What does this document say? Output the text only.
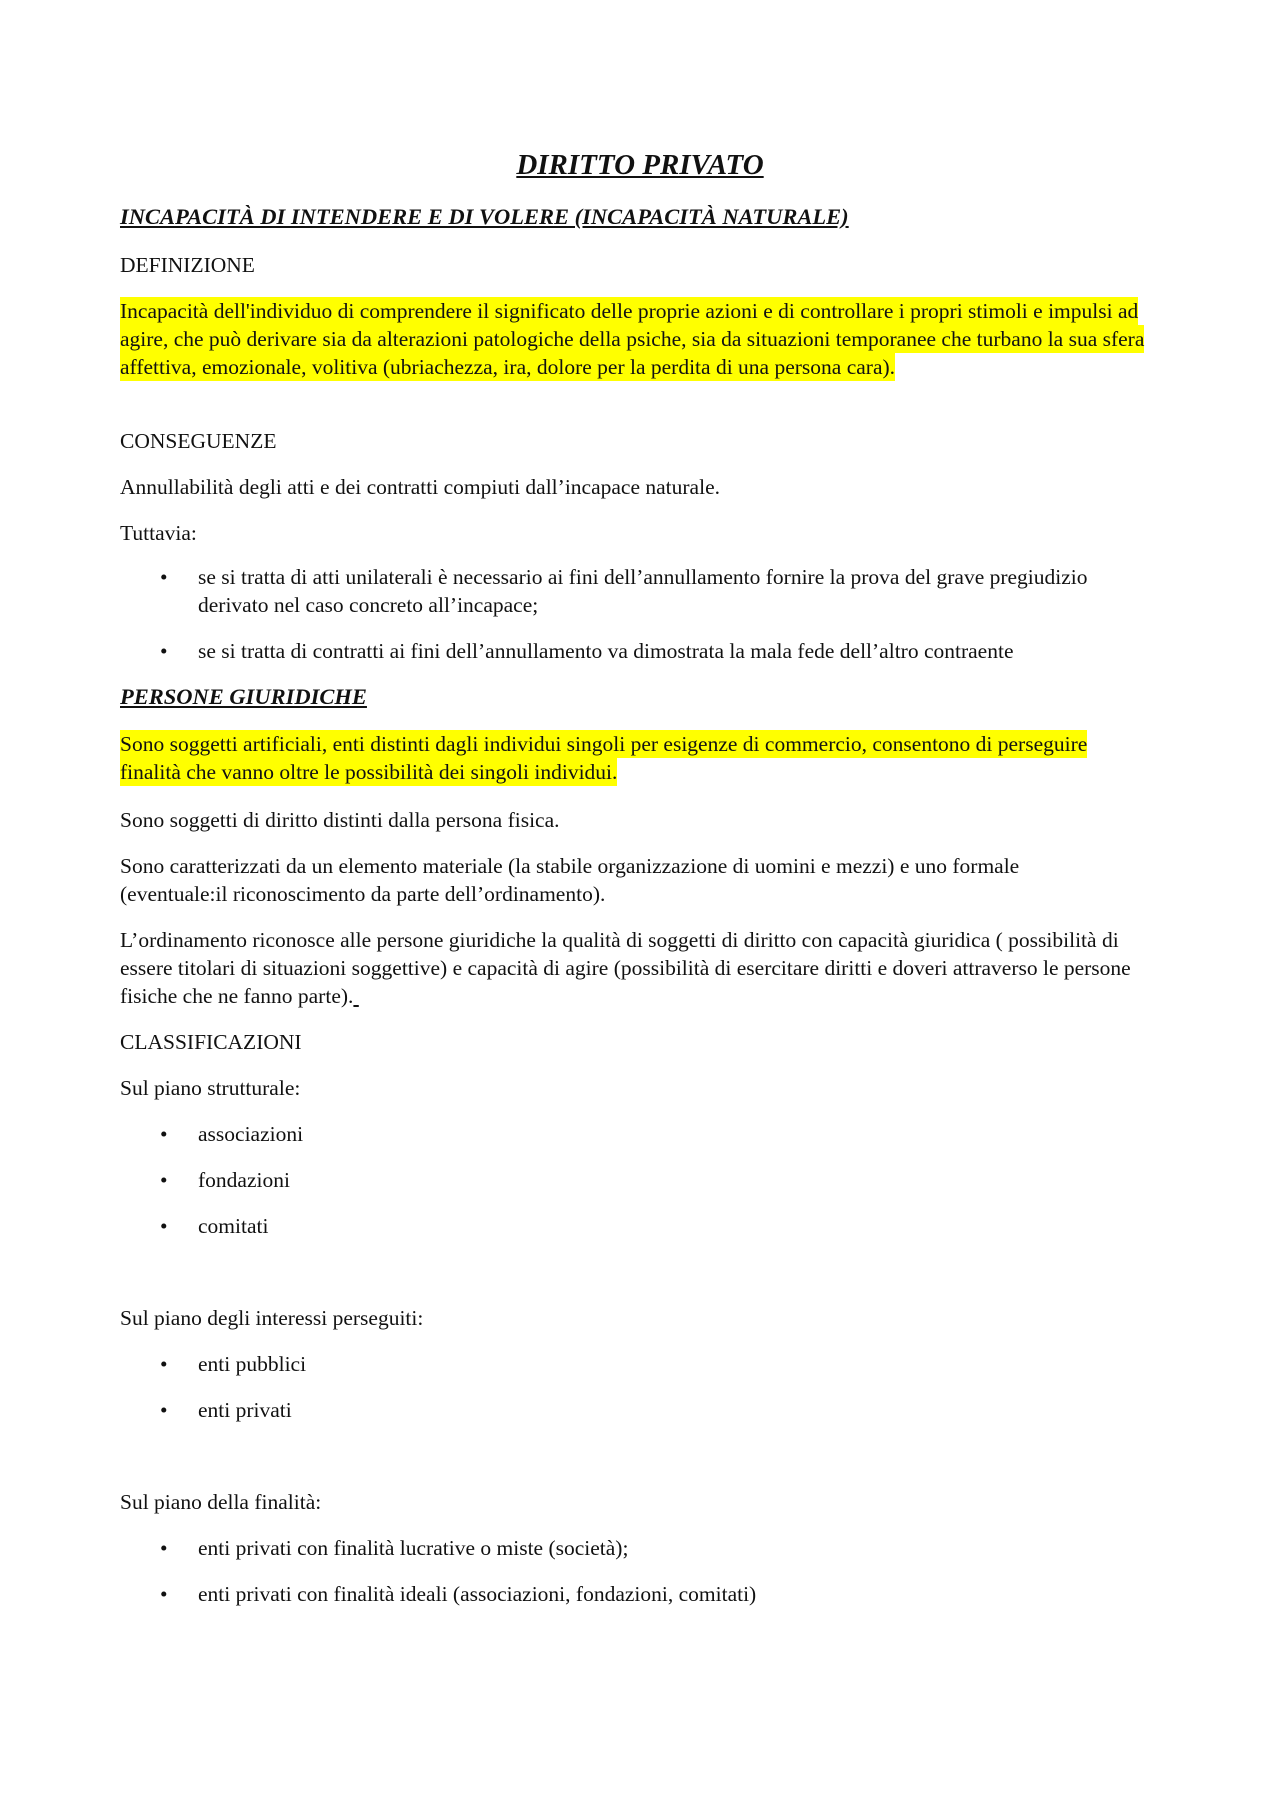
DIRITTO PRIVATO

INCAPACITÀ DI INTENDERE E DI VOLERE (INCAPACITÀ NATURALE)

DEFINIZIONE

Incapacità dell'individuo di comprendere il significato delle proprie azioni e di controllare i propri stimoli e impulsi ad agire, che può derivare sia da alterazioni patologiche della psiche, sia da situazioni temporanee che turbano la sua sfera affettiva, emozionale, volitiva (ubriachezza, ira, dolore per la perdita di una persona cara).

CONSEGUENZE

Annullabilità degli atti e dei contratti compiuti dall’incapace naturale.

Tuttavia:

•	se si tratta di atti unilaterali è necessario ai fini dell’annullamento fornire la prova del grave pregiudizio derivato nel caso concreto all’incapace;
•	se si tratta di contratti ai fini dell’annullamento va dimostrata la mala fede dell’altro contraente

PERSONE GIURIDICHE

Sono soggetti artificiali, enti distinti dagli individui singoli per esigenze di commercio, consentono di perseguire finalità che vanno oltre le possibilità dei singoli individui.

Sono soggetti di diritto distinti dalla persona fisica.

Sono caratterizzati da un elemento materiale (la stabile organizzazione di uomini e mezzi) e uno formale (eventuale:il riconoscimento da parte dell’ordinamento).

L’ordinamento riconosce alle persone giuridiche la qualità di soggetti di diritto con capacità giuridica ( possibilità di essere titolari di situazioni soggettive) e capacità di agire (possibilità di esercitare diritti e doveri attraverso le persone fisiche che ne fanno parte).

CLASSIFICAZIONI

Sul piano strutturale:

•	associazioni
•	fondazioni
•	comitati

Sul piano degli interessi perseguiti:

•	enti pubblici
•	enti privati

Sul piano della finalità:

•	enti privati con finalità lucrative o miste (società);
•	enti privati con finalità ideali (associazioni, fondazioni, comitati)
